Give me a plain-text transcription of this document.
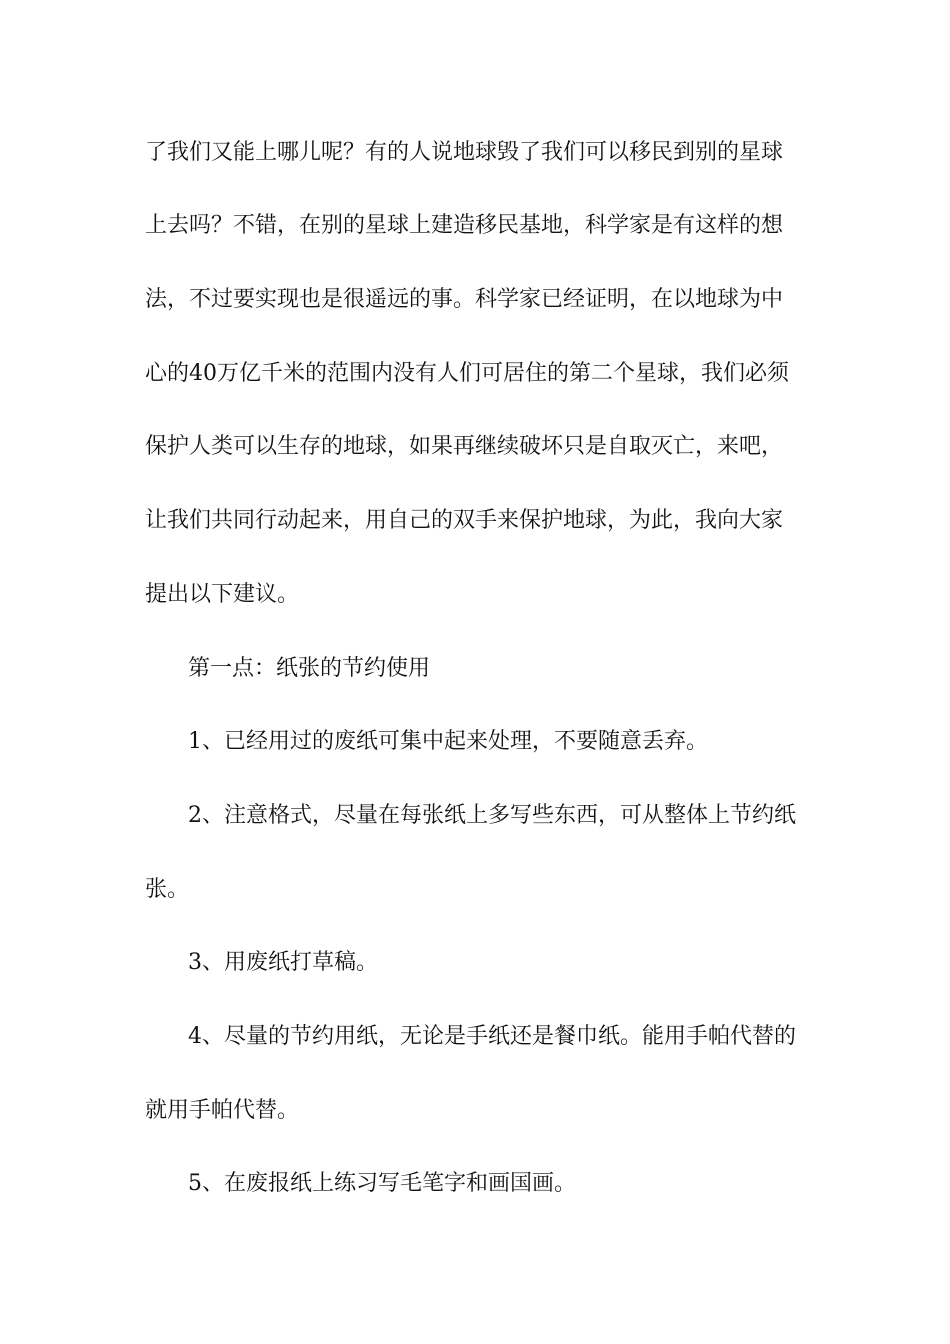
了我们又能上哪儿呢？有的人说地球毁了我们可以移民到别的星球
上去吗？不错，在别的星球上建造移民基地，科学家是有这样的想
法，不过要实现也是很遥远的事。科学家已经证明，在以地球为中
心的40万亿千米的范围内没有人们可居住的第二个星球，我们必须
保护人类可以生存的地球，如果再继续破坏只是自取灭亡，来吧，
让我们共同行动起来，用自己的双手来保护地球，为此，我向大家
提出以下建议。
第一点：纸张的节约使用
1、已经用过的废纸可集中起来处理，不要随意丢弃。
2、注意格式，尽量在每张纸上多写些东西，可从整体上节约纸
张。
3、用废纸打草稿。
4、尽量的节约用纸，无论是手纸还是餐巾纸。能用手帕代替的
就用手帕代替。
5、在废报纸上练习写毛笔字和画国画。
